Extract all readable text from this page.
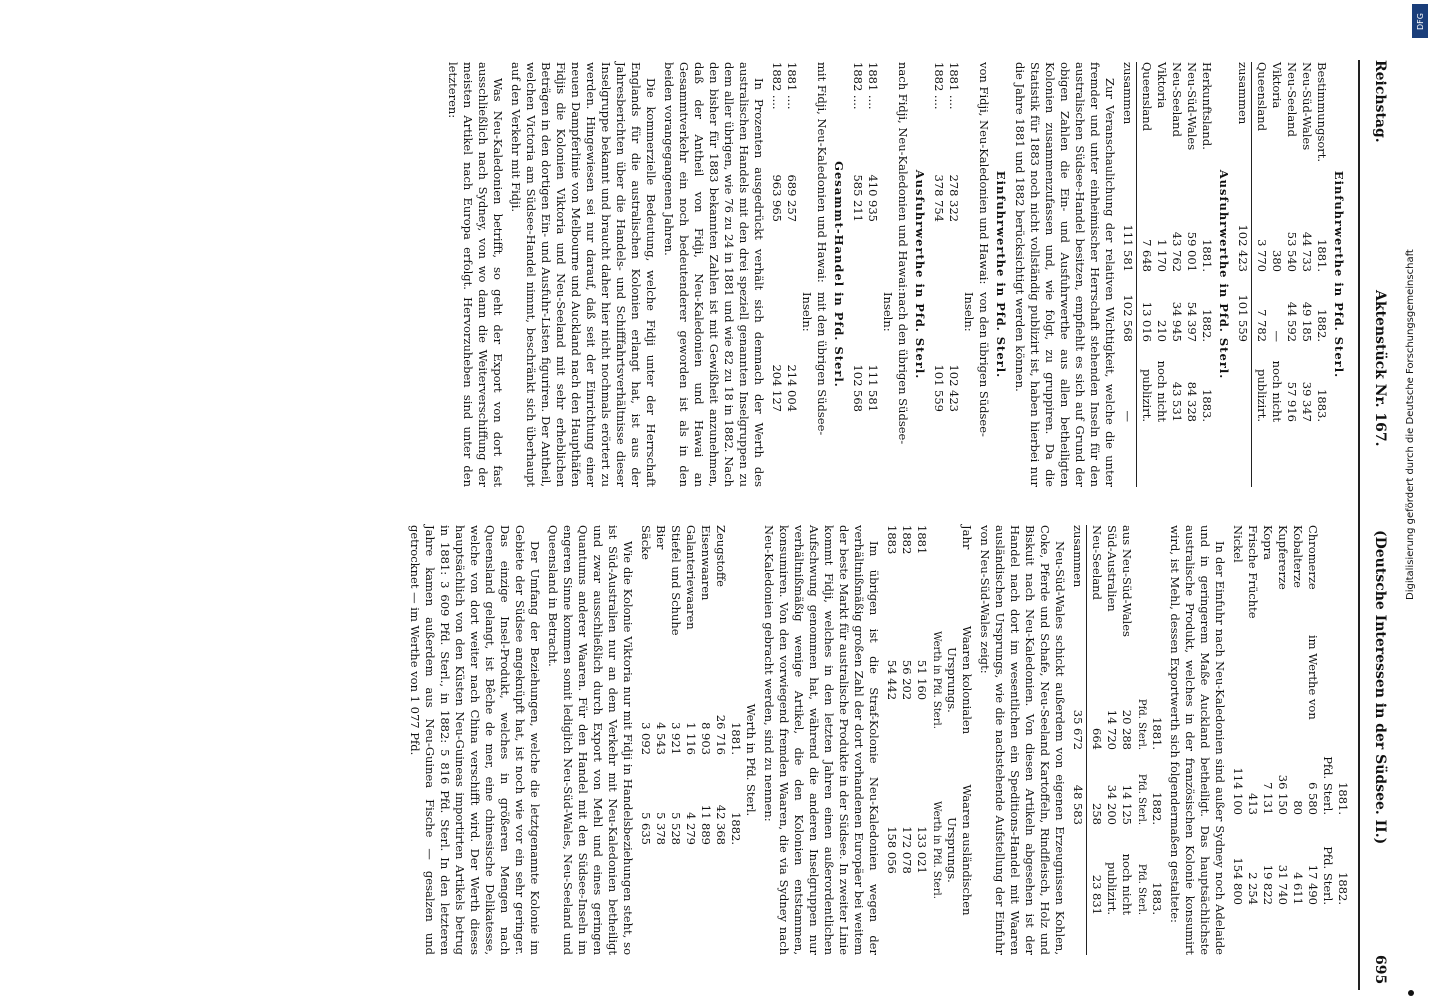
Reichstag.
Aktenstück Nr. 167.
(Deutsche Interessen in der Südsee. II.)
695
Einfuhrwerthe in Pfd. Sterl.
Bestimmungsort.
1881.
1882.
1883.
Neu-Süd-Wales
44 733
49 185
39 347
Neu-Seeland
53 540
44 592
57 916
Viktoria
380
—
noch nicht
Queensland
3 770
7 782
publizirt.
zusammen
102 423
101 559
Ausfuhrwerthe in Pfd. Sterl.
Herkunftsland.
1881.
1882.
1883.
Neu-Süd-Wales
59 001
54 397
84 328
Neu-Seeland
43 762
34 945
43 531
Viktoria
1 170
210
noch nicht
Queensland
7 648
13 016
publizirt.
zusammen
111 581
102 568
—

Zur Veranschaulichung der relativen Wichtigkeit, welche die unter fremder und unter einheimischer Herrschaft stehenden Inseln für den australischen Südsee-Handel besitzen, empfiehlt es sich auf Grund der obigen Zahlen die Ein- und Ausfuhrwerthe aus allen betheiligten Kolonien zusammenzufassen und, wie folgt, zu gruppiren. Da die Statistik für 1883 noch nicht vollständig publizirt ist, haben hierbei nur die Jahre 1881 und 1882 berücksichtigt werden können.

Einfuhrwerthe in Pfd. Sterl.
von Fidji, Neu-Kaledonien und Hawai:
von den übrigen Südsee-Inseln:
1881 ....
278 322
102 423
1882 ....
378 754
101 559
Ausfuhrwerthe in Pfd. Sterl.
nach Fidji, Neu-Kaledonien und Hawai:
nach den übrigen Südsee-Inseln:
1881 ....
410 935
111 581
1882 ....
585 211
102 568
Gesammt-Handel in Pfd. Sterl.
mit Fidji, Neu-Kaledonien und Hawai:
mit den übrigen Südsee-Inseln:
1881 ....
689 257
214 004
1882 ....
963 965
204 127

In Prozenten ausgedrückt verhält sich demnach der Werth des australischen Handels mit den drei speziell genannten Inselgruppen zu dem aller übrigen, wie 76 zu 24 in 1881 und wie 82 zu 18 in 1882. Nach den bisher für 1883 bekannten Zahlen ist mit Gewißheit anzunehmen, daß der Antheil von Fidji, Neu-Kaledonien und Hawai an Gesammtverkehr ein noch bedeutenderer geworden ist als in den beiden vorangegangenen Jahren.

Die kommerzielle Bedeutung, welche Fidji unter der Herrschaft Englands für die australischen Kolonien erlangt hat, ist aus der Jahresberichten über die Handels- und Schifffahrtsverhältnisse dieser Inselgruppe bekannt und braucht daher hier nicht nochmals erörtert zu werden. Hingewiesen sei nur darauf, daß seit der Einrichtung einer neuen Dampferlinie von Melbourne und Auckland nach den Haupthäfen Fidjis die Kolonien Viktoria und Neu-Seeland mit sehr erheblichen Beträgen in den dortigen Ein- und Ausfuhr-Listen figuriren. Der Antheil, welchen Victoria am Südsee-Handel nimmt, beschränkt sich überhaupt auf den Verkehr mit Fidji.

Was Neu-Kaledonien betrifft, so geht der Export von dort fast ausschließlich nach Sydney, von wo dann die Weiterverschiffung der meisten Artikel nach Europa erfolgt. Hervorzuheben sind unter den letzteren:

1881.
1882.
Pfd. Sterl.
Pfd. Sterl.
Chromerze
im Werthe von
6 580
17 490
Kobalterze
80
4 611
Kupfererze
36 150
31 740
Kopra
7 131
19 822
Frische Früchte
413
2 254
Nickel
114 100
154 800

In der Einfuhr nach Neu-Kaledonien sind außer Sydney noch Adelaide und in geringerem Maße Auckland betheiligt. Das hauptsächlichste australische Produkt, welches in der französischen Kolonie konsumirt wird, ist Mehl, dessen Exportwerth sich folgendermaßen gestaltete:

1881.
1882.
1883.
Pfd. Sterl.
Pfd. Sterl.
Pfd. Sterl.
aus Neu-Süd-Wales
20 288
14 125
noch nicht
Süd-Australien
14 720
34 200
publizirt.
Neu-Seeland
664
258
23 831
zusammen
35 672
48 583

Neu-Süd-Wales schickt außerdem von eigenen Erzeugnissen Kohlen, Coke, Pferde und Schafe, Neu-Seeland Kartoffeln, Rindfleisch, Holz und Biskuit nach Neu-Kaledonien. Von diesen Artikeln abgesehen ist der Handel nach dort im wesentlichen ein Speditions-Handel mit Waaren ausländischen Ursprungs, wie die nachstehende Aufstellung der Einfuhr von Neu-Süd-Wales zeigt:

Jahr
Waaren kolonialen Ursprungs.
Waaren ausländischen Ursprungs.
Werth in Pfd. Sterl.
Werth in Pfd. Sterl.
1881
51 160
133 021
1882
56 202
172 078
1883
54 442
158 056

Im übrigen ist die Straf-Kolonie Neu-Kaledonien wegen der verhältnißmäßig großen Zahl der dort vorhandenen Europäer bei weitem der beste Markt für australische Produkte in der Südsee. In zweiter Linie kommt Fidji, welches in den letzten Jahren einen außerordentlichen Aufschwung genommen hat, während die anderen Inselgruppen nur verhältnißmäßig wenige Artikel, die den Kolonien entstammen, konsumiren. Von den vorwiegend fremden Waaren, die via Sydney nach Neu-Kaledonien gebracht werden, sind zu nennen:

Werth in Pfd. Sterl.
1881.
1882.
Zeugstoffe
26 716
42 368
Eisenwaaren
8 903
11 889
Galanteriewaaren
1 116
4 279
Stiefel und Schuhe
3 921
5 528
Bier
4 543
5 378
Säcke
3 092
5 635

Wie die Kolonie Viktoria nur mit Fidji in Handelsbeziehungen steht, so ist Süd-Australien nur an dem Verkehr mit Neu-Kaledonien betheiligt und zwar ausschließlich durch Export von Mehl und eines geringen Quantums anderer Waaren. Für den Handel mit den Südsee-Inseln im engeren Sinne kommen somit lediglich Neu-Süd-Wales, Neu-Seeland und Queensland in Betracht.

Der Umfang der Beziehungen, welche die letztgenannte Kolonie im Gebiete der Südsee angeknüpft hat, ist noch wie vor ein sehr geringer. Das einzige Insel-Produkt, welches in größeren Mengen nach Queensland gelangt, ist Bêche de mer, eine chinesische Delikatesse, welche von dort weiter nach China verschifft wird. Der Werth dieses hauptsächlich von den Küsten Neu-Guineas importirten Artikels betrug in 1881: 3 609 Pfd. Sterl., in 1882: 5 816 Pfd. Sterl. In den letzteren Jahre kamen außerdem aus Neu-Guinea Fische — gesalzen und getrocknet — im Werthe von 1 077 Pfd.

DFG
Digitalisierung gefördert durch die Deutsche Forschungsgemeinschaft
